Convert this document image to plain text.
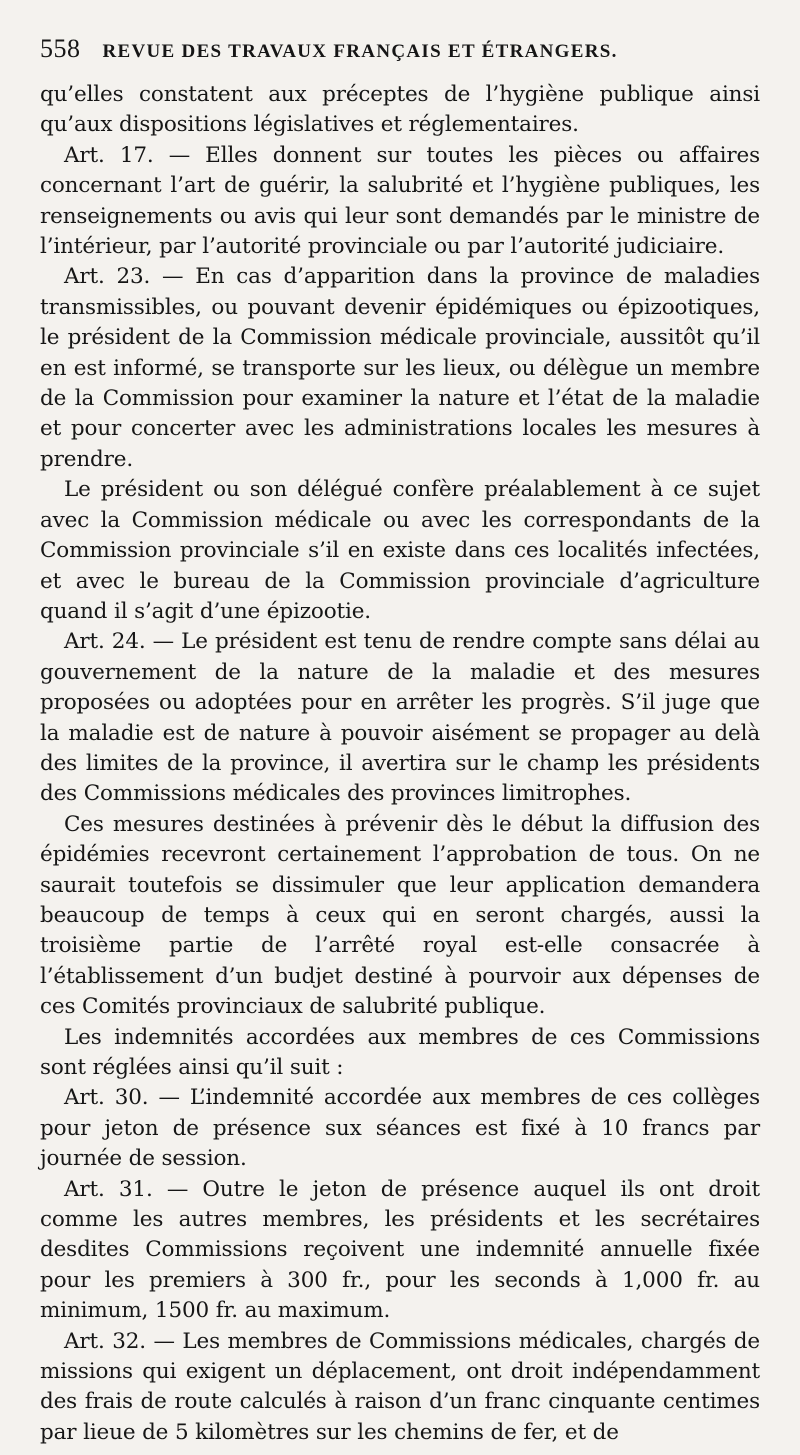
558 REVUE DES TRAVAUX FRANÇAIS ET ÉTRANGERS.

qu’elles constatent aux préceptes de l’hygiène publique ainsi qu’aux dispositions législatives et réglementaires.

Art. 17. — Elles donnent sur toutes les pièces ou affaires concernant l’art de guérir, la salubrité et l’hygiène publiques, les renseignements ou avis qui leur sont demandés par le ministre de l’intérieur, par l’autorité provinciale ou par l’autorité judiciaire.

Art. 23. — En cas d’apparition dans la province de maladies transmissibles, ou pouvant devenir épidémiques ou épizootiques, le président de la Commission médicale provinciale, aussitôt qu’il en est informé, se transporte sur les lieux, ou délègue un membre de la Commission pour examiner la nature et l’état de la maladie et pour concerter avec les administrations locales les mesures à prendre.

Le président ou son délégué confère préalablement à ce sujet avec la Commission médicale ou avec les correspondants de la Commission provinciale s’il en existe dans ces localités infectées, et avec le bureau de la Commission provinciale d’agriculture quand il s’agit d’une épizootie.

Art. 24. — Le président est tenu de rendre compte sans délai au gouvernement de la nature de la maladie et des mesures proposées ou adoptées pour en arrêter les progrès. S’il juge que la maladie est de nature à pouvoir aisément se propager au delà des limites de la province, il avertira sur le champ les présidents des Commissions médicales des provinces limitrophes.

Ces mesures destinées à prévenir dès le début la diffusion des épidémies recevront certainement l’approbation de tous. On ne saurait toutefois se dissimuler que leur application demandera beaucoup de temps à ceux qui en seront chargés, aussi la troisième partie de l’arrêté royal est-elle consacrée à l’établissement d’un budjet destiné à pourvoir aux dépenses de ces Comités provinciaux de salubrité publique.

Les indemnités accordées aux membres de ces Commissions sont réglées ainsi qu’il suit :

Art. 30. — L’indemnité accordée aux membres de ces collèges pour jeton de présence sux séances est fixé à 10 francs par journée de session.

Art. 31. — Outre le jeton de présence auquel ils ont droit comme les autres membres, les présidents et les secrétaires desdites Commissions reçoivent une indemnité annuelle fixée pour les premiers à 300 fr., pour les seconds à 1,000 fr. au minimum, 1500 fr. au maximum.

Art. 32. — Les membres de Commissions médicales, chargés de missions qui exigent un déplacement, ont droit indépendamment des frais de route calculés à raison d’un franc cinquante centimes par lieue de 5 kilomètres sur les chemins de fer, et de
